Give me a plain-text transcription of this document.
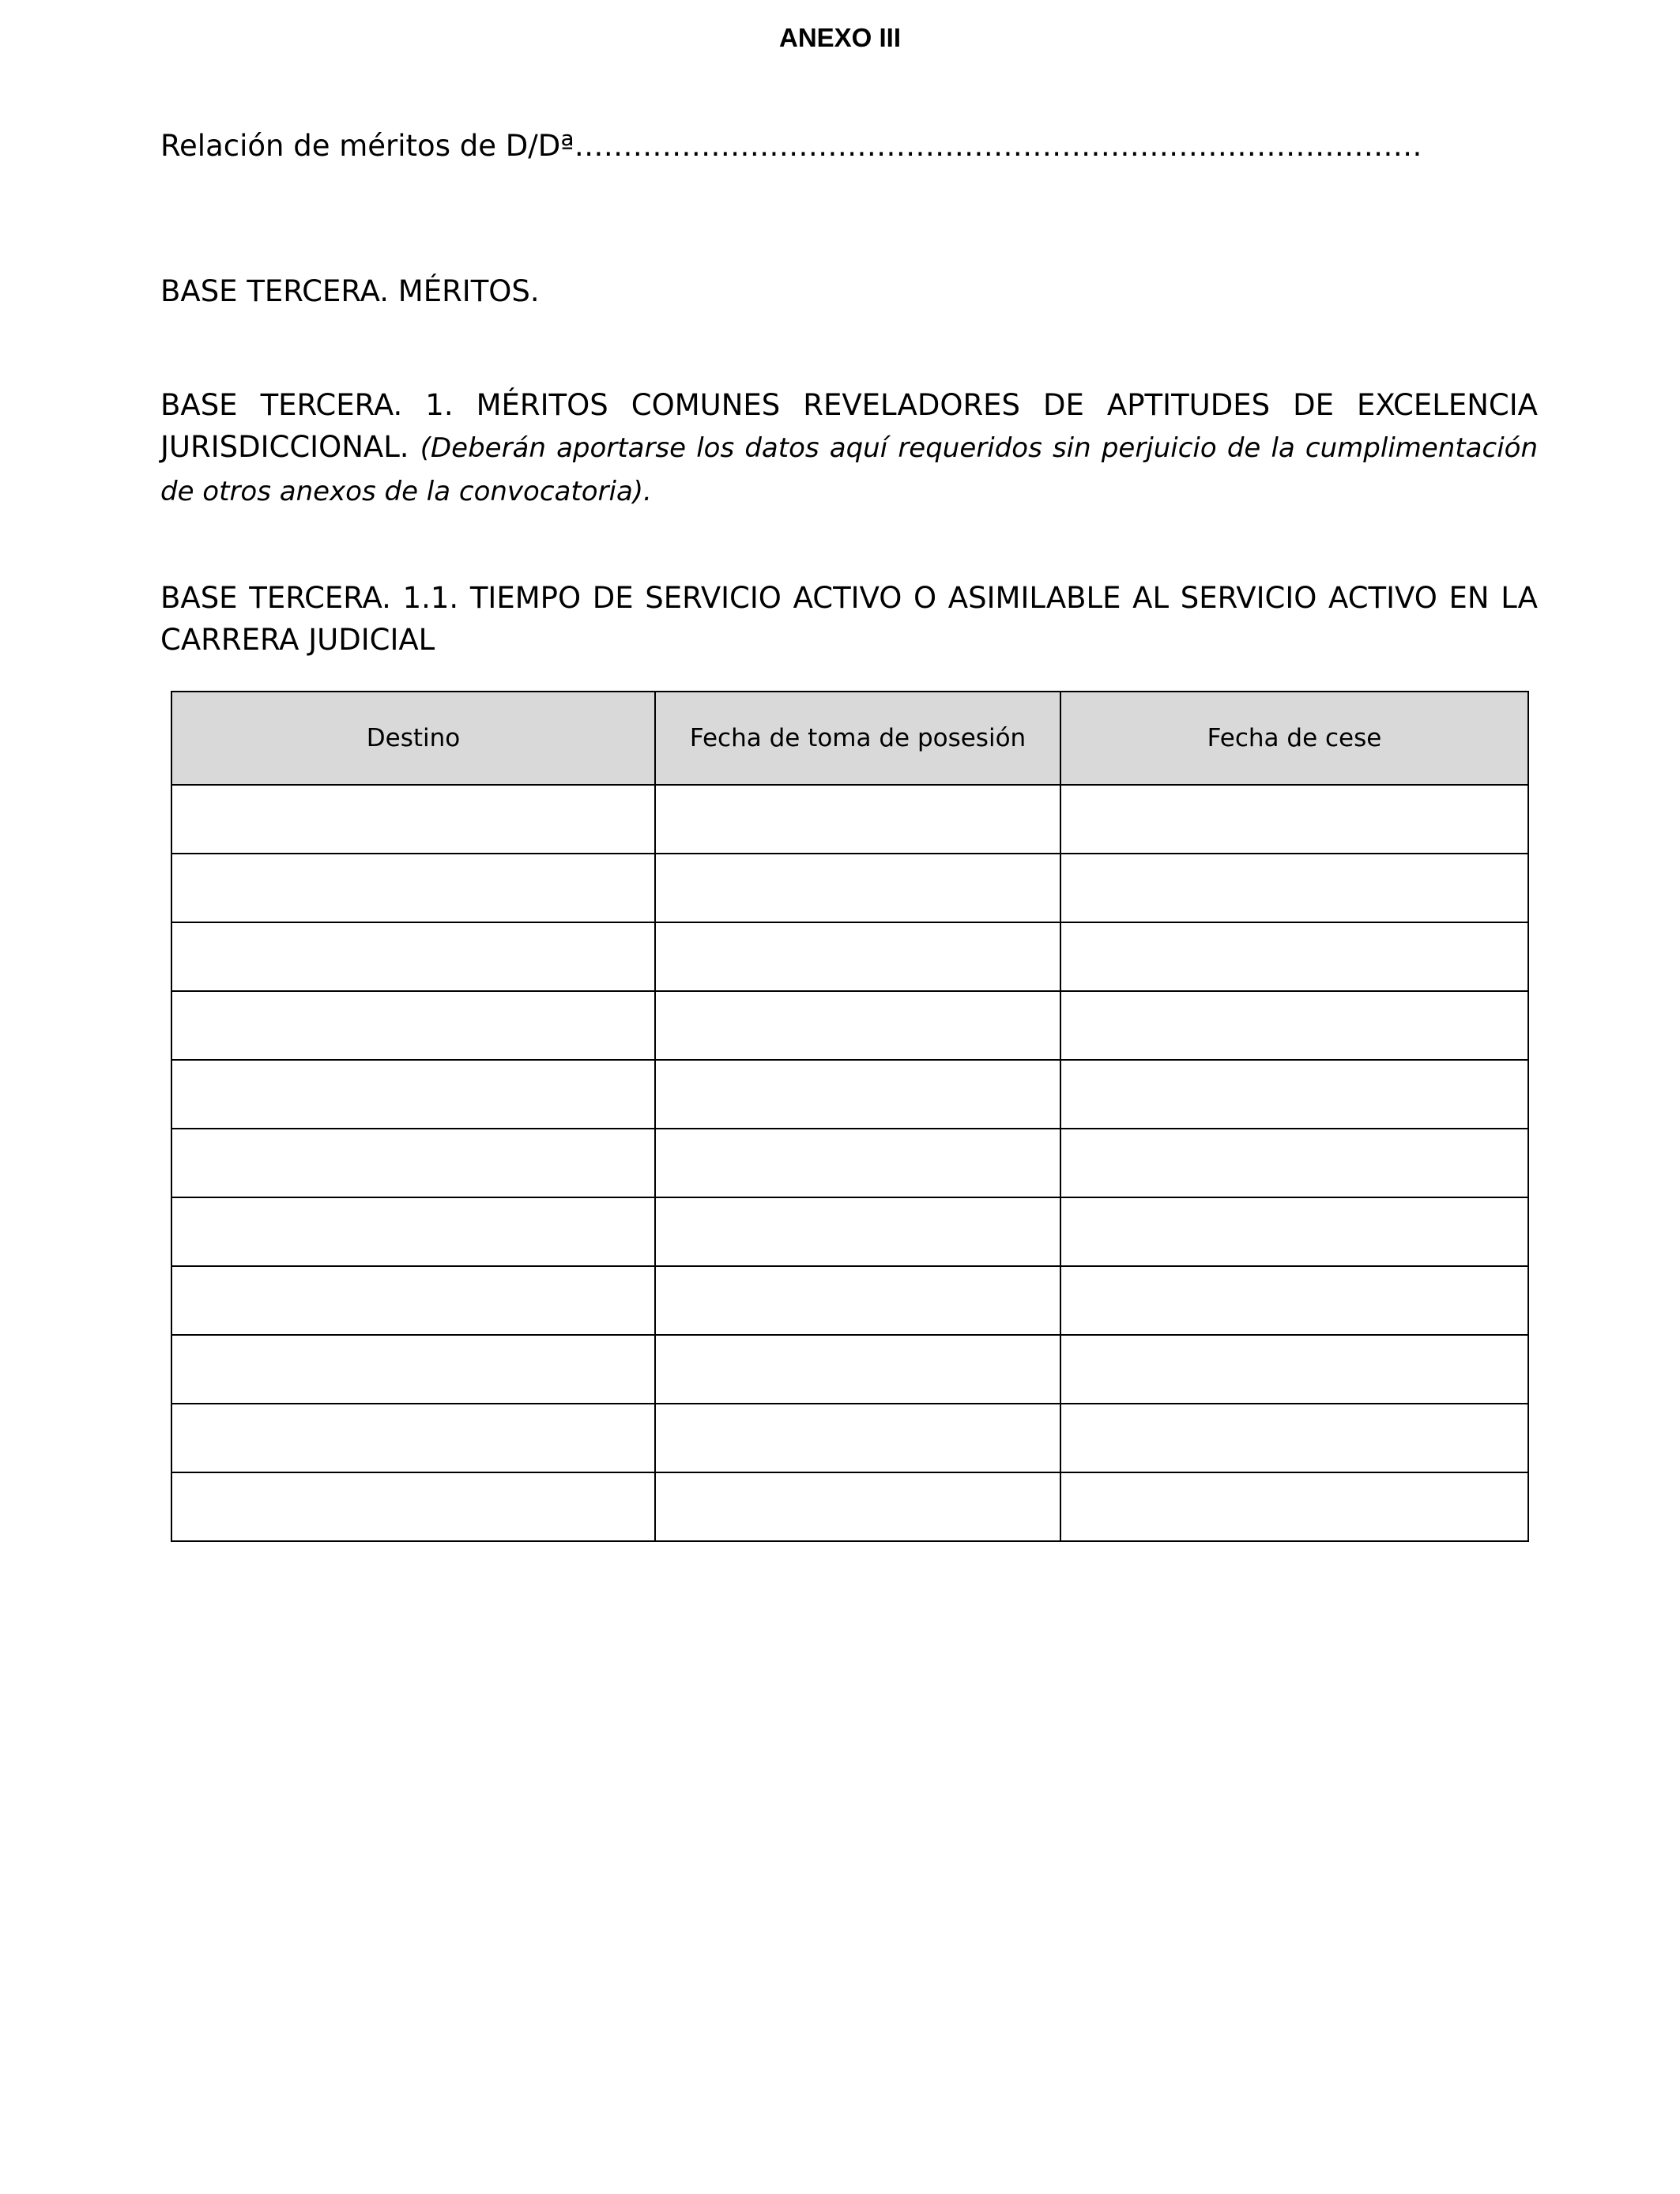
ANEXO III
Relación de méritos de D/Dª……………………………………………………………………………
BASE TERCERA. MÉRITOS.
BASE TERCERA. 1. MÉRITOS COMUNES REVELADORES DE APTITUDES DE EXCELENCIA JURISDICCIONAL. (Deberán aportarse los datos aquí requeridos sin perjuicio de la cumplimentación de otros anexos de la convocatoria).
BASE TERCERA. 1.1. TIEMPO DE SERVICIO ACTIVO O ASIMILABLE AL SERVICIO ACTIVO EN LA CARRERA JUDICIAL
Destino	Fecha de toma de posesión	Fecha de cese
